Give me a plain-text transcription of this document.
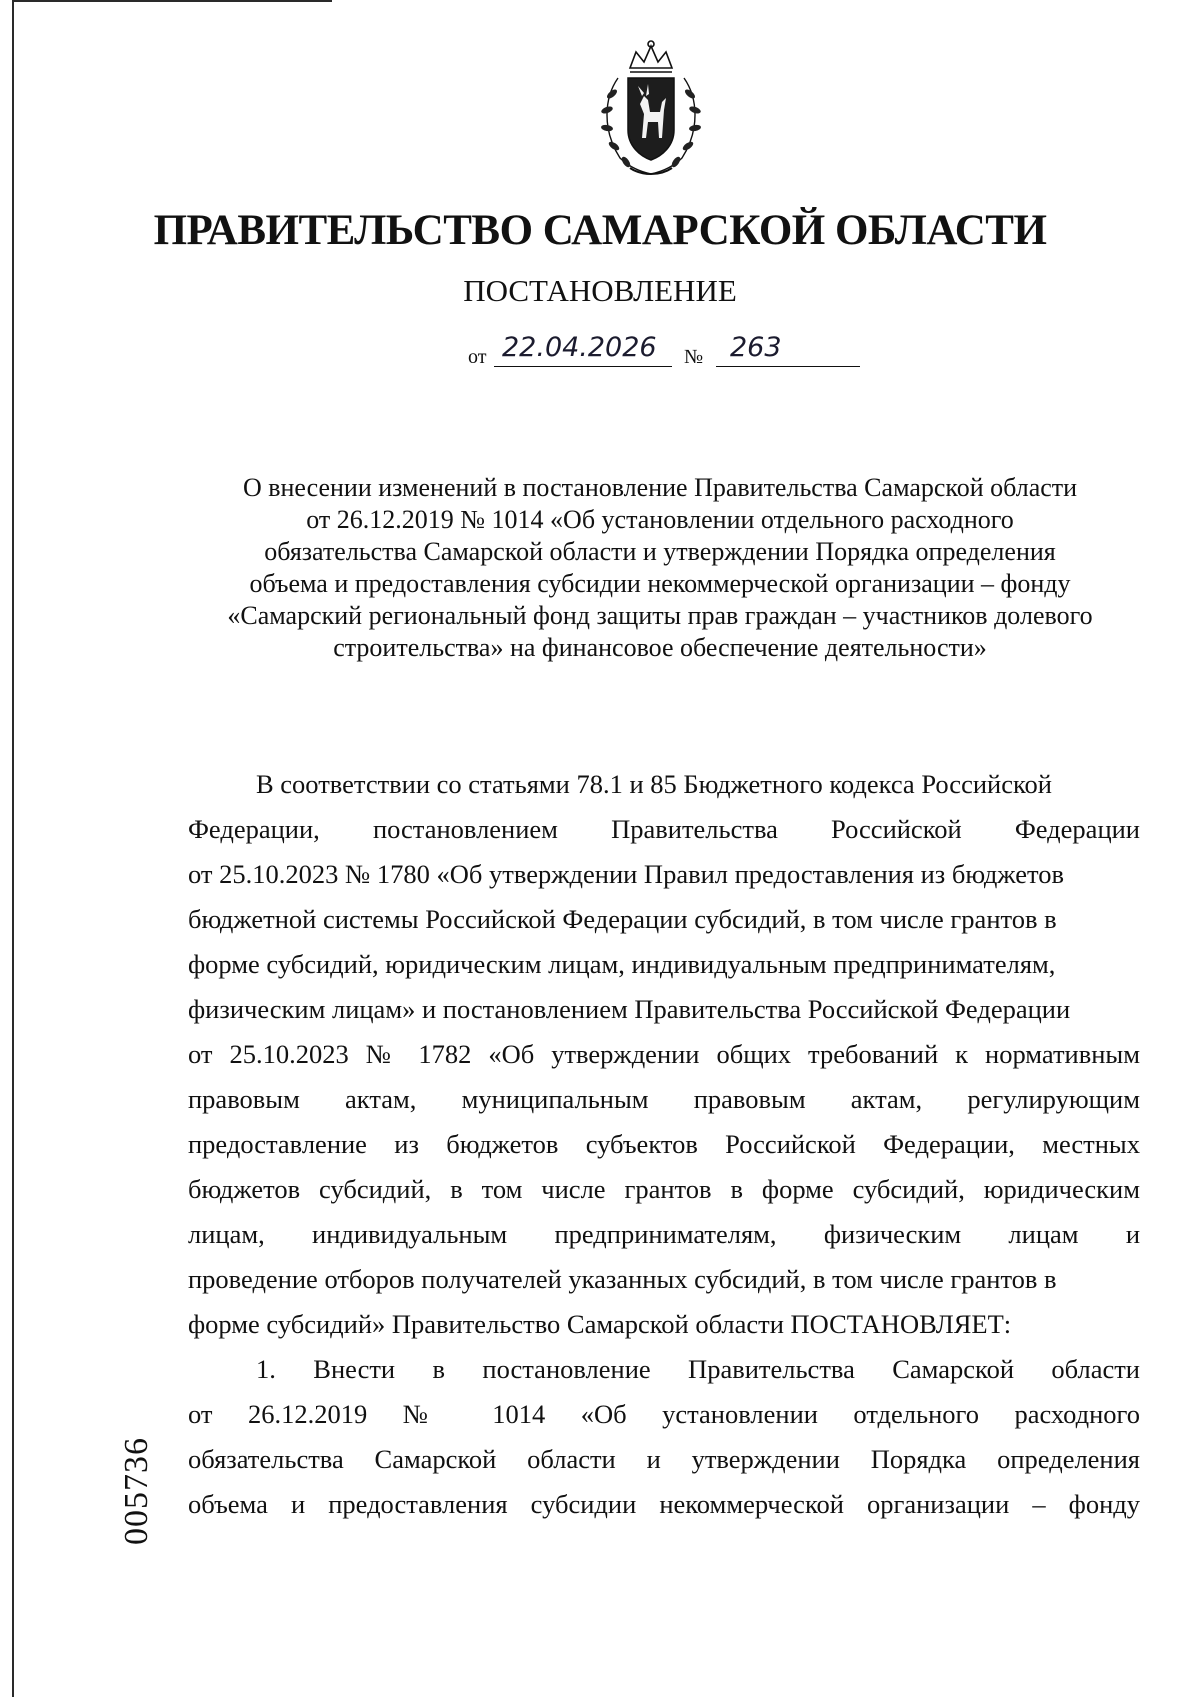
ПРАВИТЕЛЬСТВО САМАРСКОЙ ОБЛАСТИ
ПОСТАНОВЛЕНИЕ
от 22.04.2026	№ 263
О внесении изменений в постановление Правительства Самарской области
от 26.12.2019 № 1014 «Об установлении отдельного расходного
обязательства Самарской области и утверждении Порядка определения
объема и предоставления субсидии некоммерческой организации – фонду
«Самарский региональный фонд защиты прав граждан – участников долевого
строительства» на финансовое обеспечение деятельности»
В соответствии со статьями 78.1 и 85 Бюджетного кодекса Российской
Федерации, постановлением Правительства Российской Федерации
от 25.10.2023 № 1780 «Об утверждении Правил предоставления из бюджетов
бюджетной системы Российской Федерации субсидий, в том числе грантов в
форме субсидий, юридическим лицам, индивидуальным предпринимателям,
физическим лицам» и постановлением Правительства Российской Федерации
от 25.10.2023 № 1782 «Об утверждении общих требований к нормативным
правовым актам, муниципальным правовым актам, регулирующим
предоставление из бюджетов субъектов Российской Федерации, местных
бюджетов субсидий, в том числе грантов в форме субсидий, юридическим
лицам, индивидуальным предпринимателям, физическим лицам и
проведение отборов получателей указанных субсидий, в том числе грантов в
форме субсидий» Правительство Самарской области ПОСТАНОВЛЯЕТ:
1. Внести в постановление Правительства Самарской области
от 26.12.2019 № 1014 «Об установлении отдельного расходного
обязательства Самарской области и утверждении Порядка определения
объема и предоставления субсидии некоммерческой организации – фонду
005736
